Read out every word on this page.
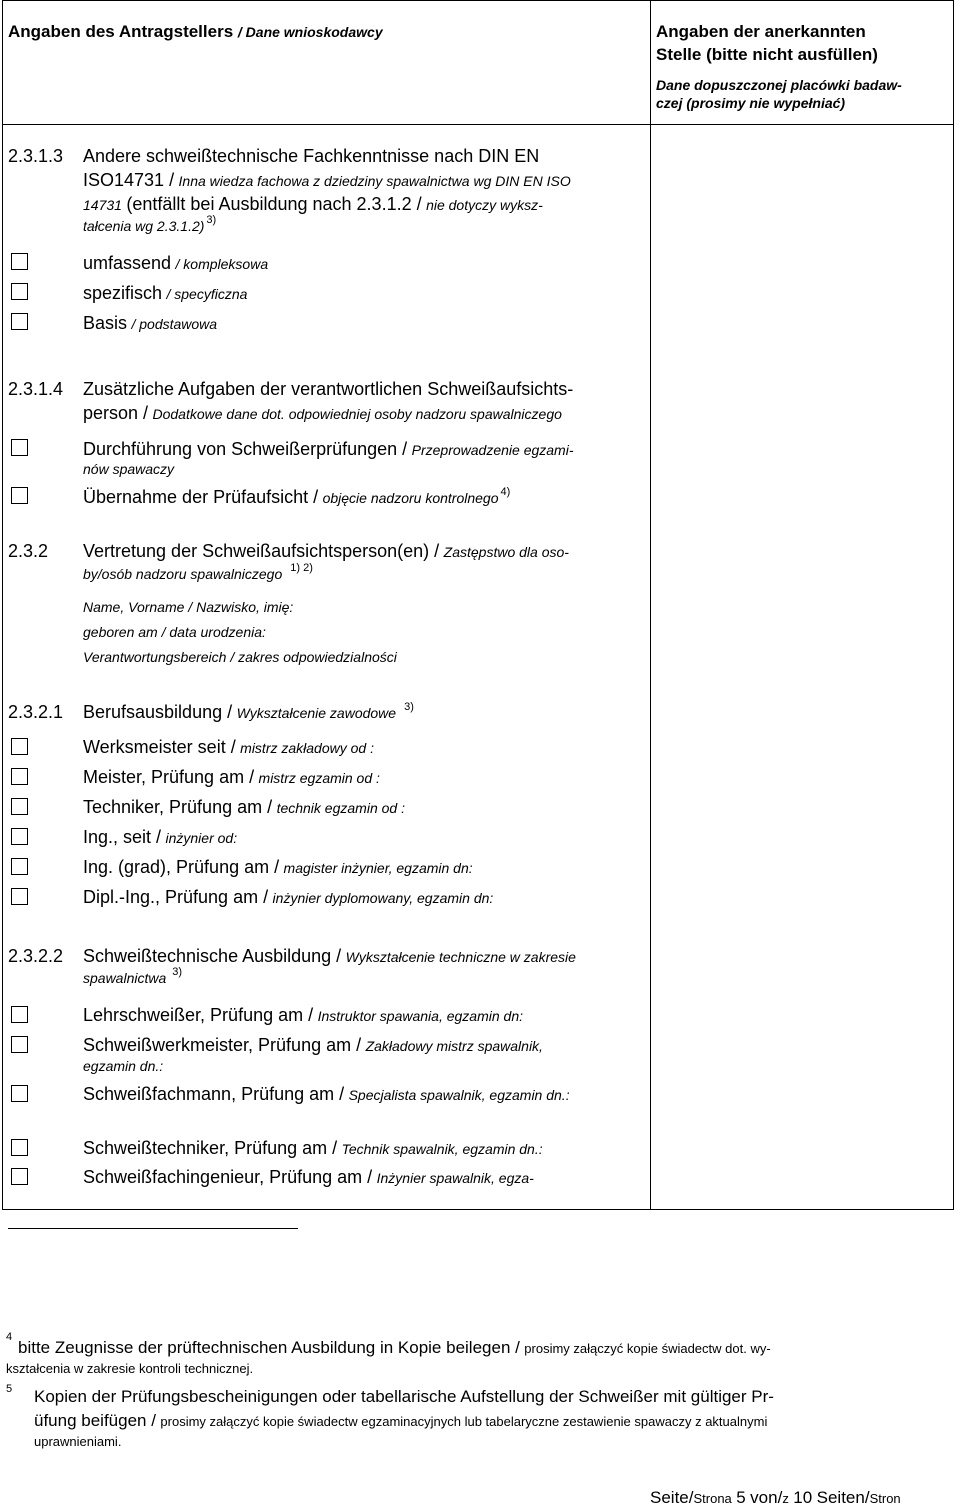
Angaben des Antragstellers / Dane wnioskodawcy	Angaben der anerkannten
Stelle (bitte nicht ausfüllen)
Dane dopuszczonej placówki badaw-
czej (prosimy nie wypełniać)
2.3.1.3 Andere schweißtechnische Fachkenntnisse nach DIN EN
ISO14731 / Inna wiedza fachowa z dziedziny spawalnictwa wg DIN EN ISO
14731 (entfällt bei Ausbildung nach 2.3.1.2 / nie dotyczy wyksz-
tałcenia wg 2.3.1.2) $^{3)}$
umfassend / kompleksowa
spezifisch / specyficzna
Basis / podstawowa
2.3.1.4 Zusätzliche Aufgaben der verantwortlichen Schweißaufsichts-
person / Dodatkowe dane dot. odpowiedniej osoby nadzoru spawalniczego
Durchführung von Schweißerprüfungen / Przeprowadzenie egzami-
nów spawaczy
Übernahme der Prüfaufsicht / objęcie nadzoru kontrolnego $^{4)}$
2.3.2 Vertretung der Schweißaufsichtsperson(en) / Zastępstwo dla oso-
by/osób nadzoru spawalniczego $^{1) 2)}$
Name, Vorname / Nazwisko, imię:
geboren am / data urodzenia:
Verantwortungsbereich / zakres odpowiedzialności
2.3.2.1 Berufsausbildung / Wykształcenie zawodowe $^{3)}$
Werksmeister seit / mistrz zakładowy od :
Meister, Prüfung am / mistrz egzamin od :
Techniker, Prüfung am / technik egzamin od :
Ing., seit / inżynier od:
Ing. (grad), Prüfung am / magister inżynier, egzamin dn:
Dipl.-Ing., Prüfung am / inżynier dyplomowany, egzamin dn:
2.3.2.2 Schweißtechnische Ausbildung / Wykształcenie techniczne w zakresie
spawalnictwa $^{3)}$
Lehrschweißer, Prüfung am / Instruktor spawania, egzamin dn:
Schweißwerkmeister, Prüfung am / Zakładowy mistrz spawalnik,
egzamin dn.:
Schweißfachmann, Prüfung am / Specjalista spawalnik, egzamin dn.:
Schweißtechniker, Prüfung am / Technik spawalnik, egzamin dn.:
Schweißfachingenieur, Prüfung am / Inżynier spawalnik, egza-
4
bitte Zeugnisse der prüftechnischen Ausbildung in Kopie beilegen / prosimy załączyć kopie świadectw dot. wy-
kształcenia w zakresie kontroli technicznej.
5 Kopien der Prüfungsbescheinigungen oder tabellarische Aufstellung der Schweißer mit gültiger Pr-
üfung beifügen / prosimy załączyć kopie świadectw egzaminacyjnych lub tabelaryczne zestawienie spawaczy z aktualnymi
uprawnieniami.
Seite/Strona 5 von/z 10 Seiten/Stron
